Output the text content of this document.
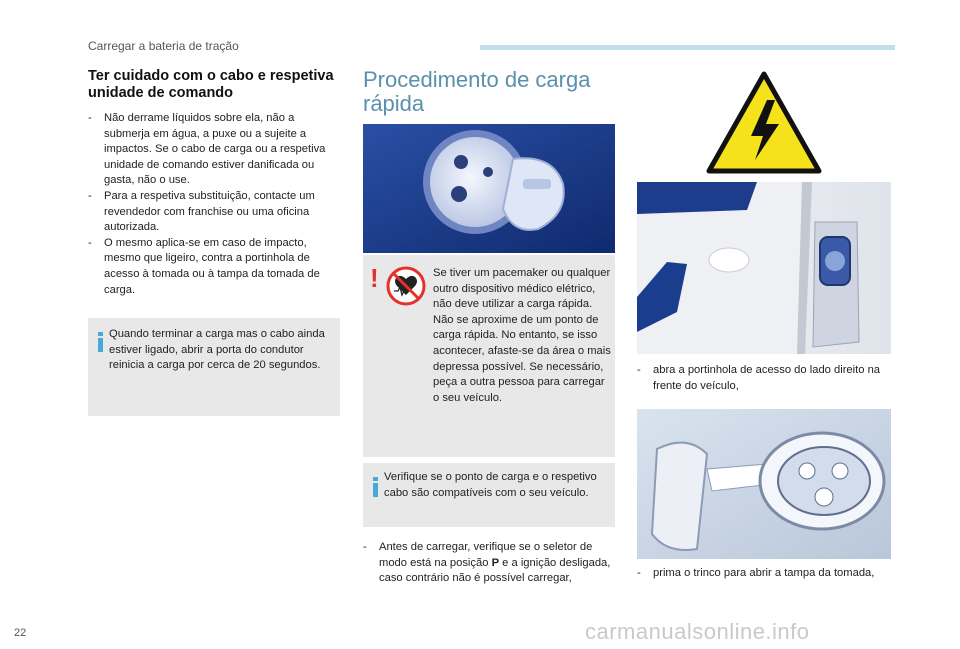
Carregar a bateria de tração
Ter cuidado com o cabo e respetiva unidade de comando
- Não derrame líquidos sobre ela, não a submerja em água, a puxe ou a sujeite a impactos. Se o cabo de carga ou a respetiva unidade de comando estiver danificada ou gasta, não o use.
- Para a respetiva substituição, contacte um revendedor com franchise ou uma oficina autorizada.
- O mesmo aplica-se em caso de impacto, mesmo que ligeiro, contra a portinhola de acesso à tomada ou à tampa da tomada de carga.
Quando terminar a carga mas o cabo ainda estiver ligado, abrir a porta do condutor reinicia a carga por cerca de 20 segundos.
Procedimento de carga rápida
!	Se tiver um pacemaker ou qualquer outro dispositivo médico elétrico, não deve utilizar a carga rápida. Não se aproxime de um ponto de carga rápida. No entanto, se isso acontecer, afaste-se da área o mais depressa possível. Se necessário, peça a outra pessoa para carregar o seu veículo.
Verifique se o ponto de carga e o respetivo cabo são compatíveis com o seu veículo.
- Antes de carregar, verifique se o seletor de modo está na posição P e a ignição desligada, caso contrário não é possível carregar,
- abra a portinhola de acesso do lado direito na frente do veículo,
- prima o trinco para abrir a tampa da tomada,
22	carmanualsonline.info
